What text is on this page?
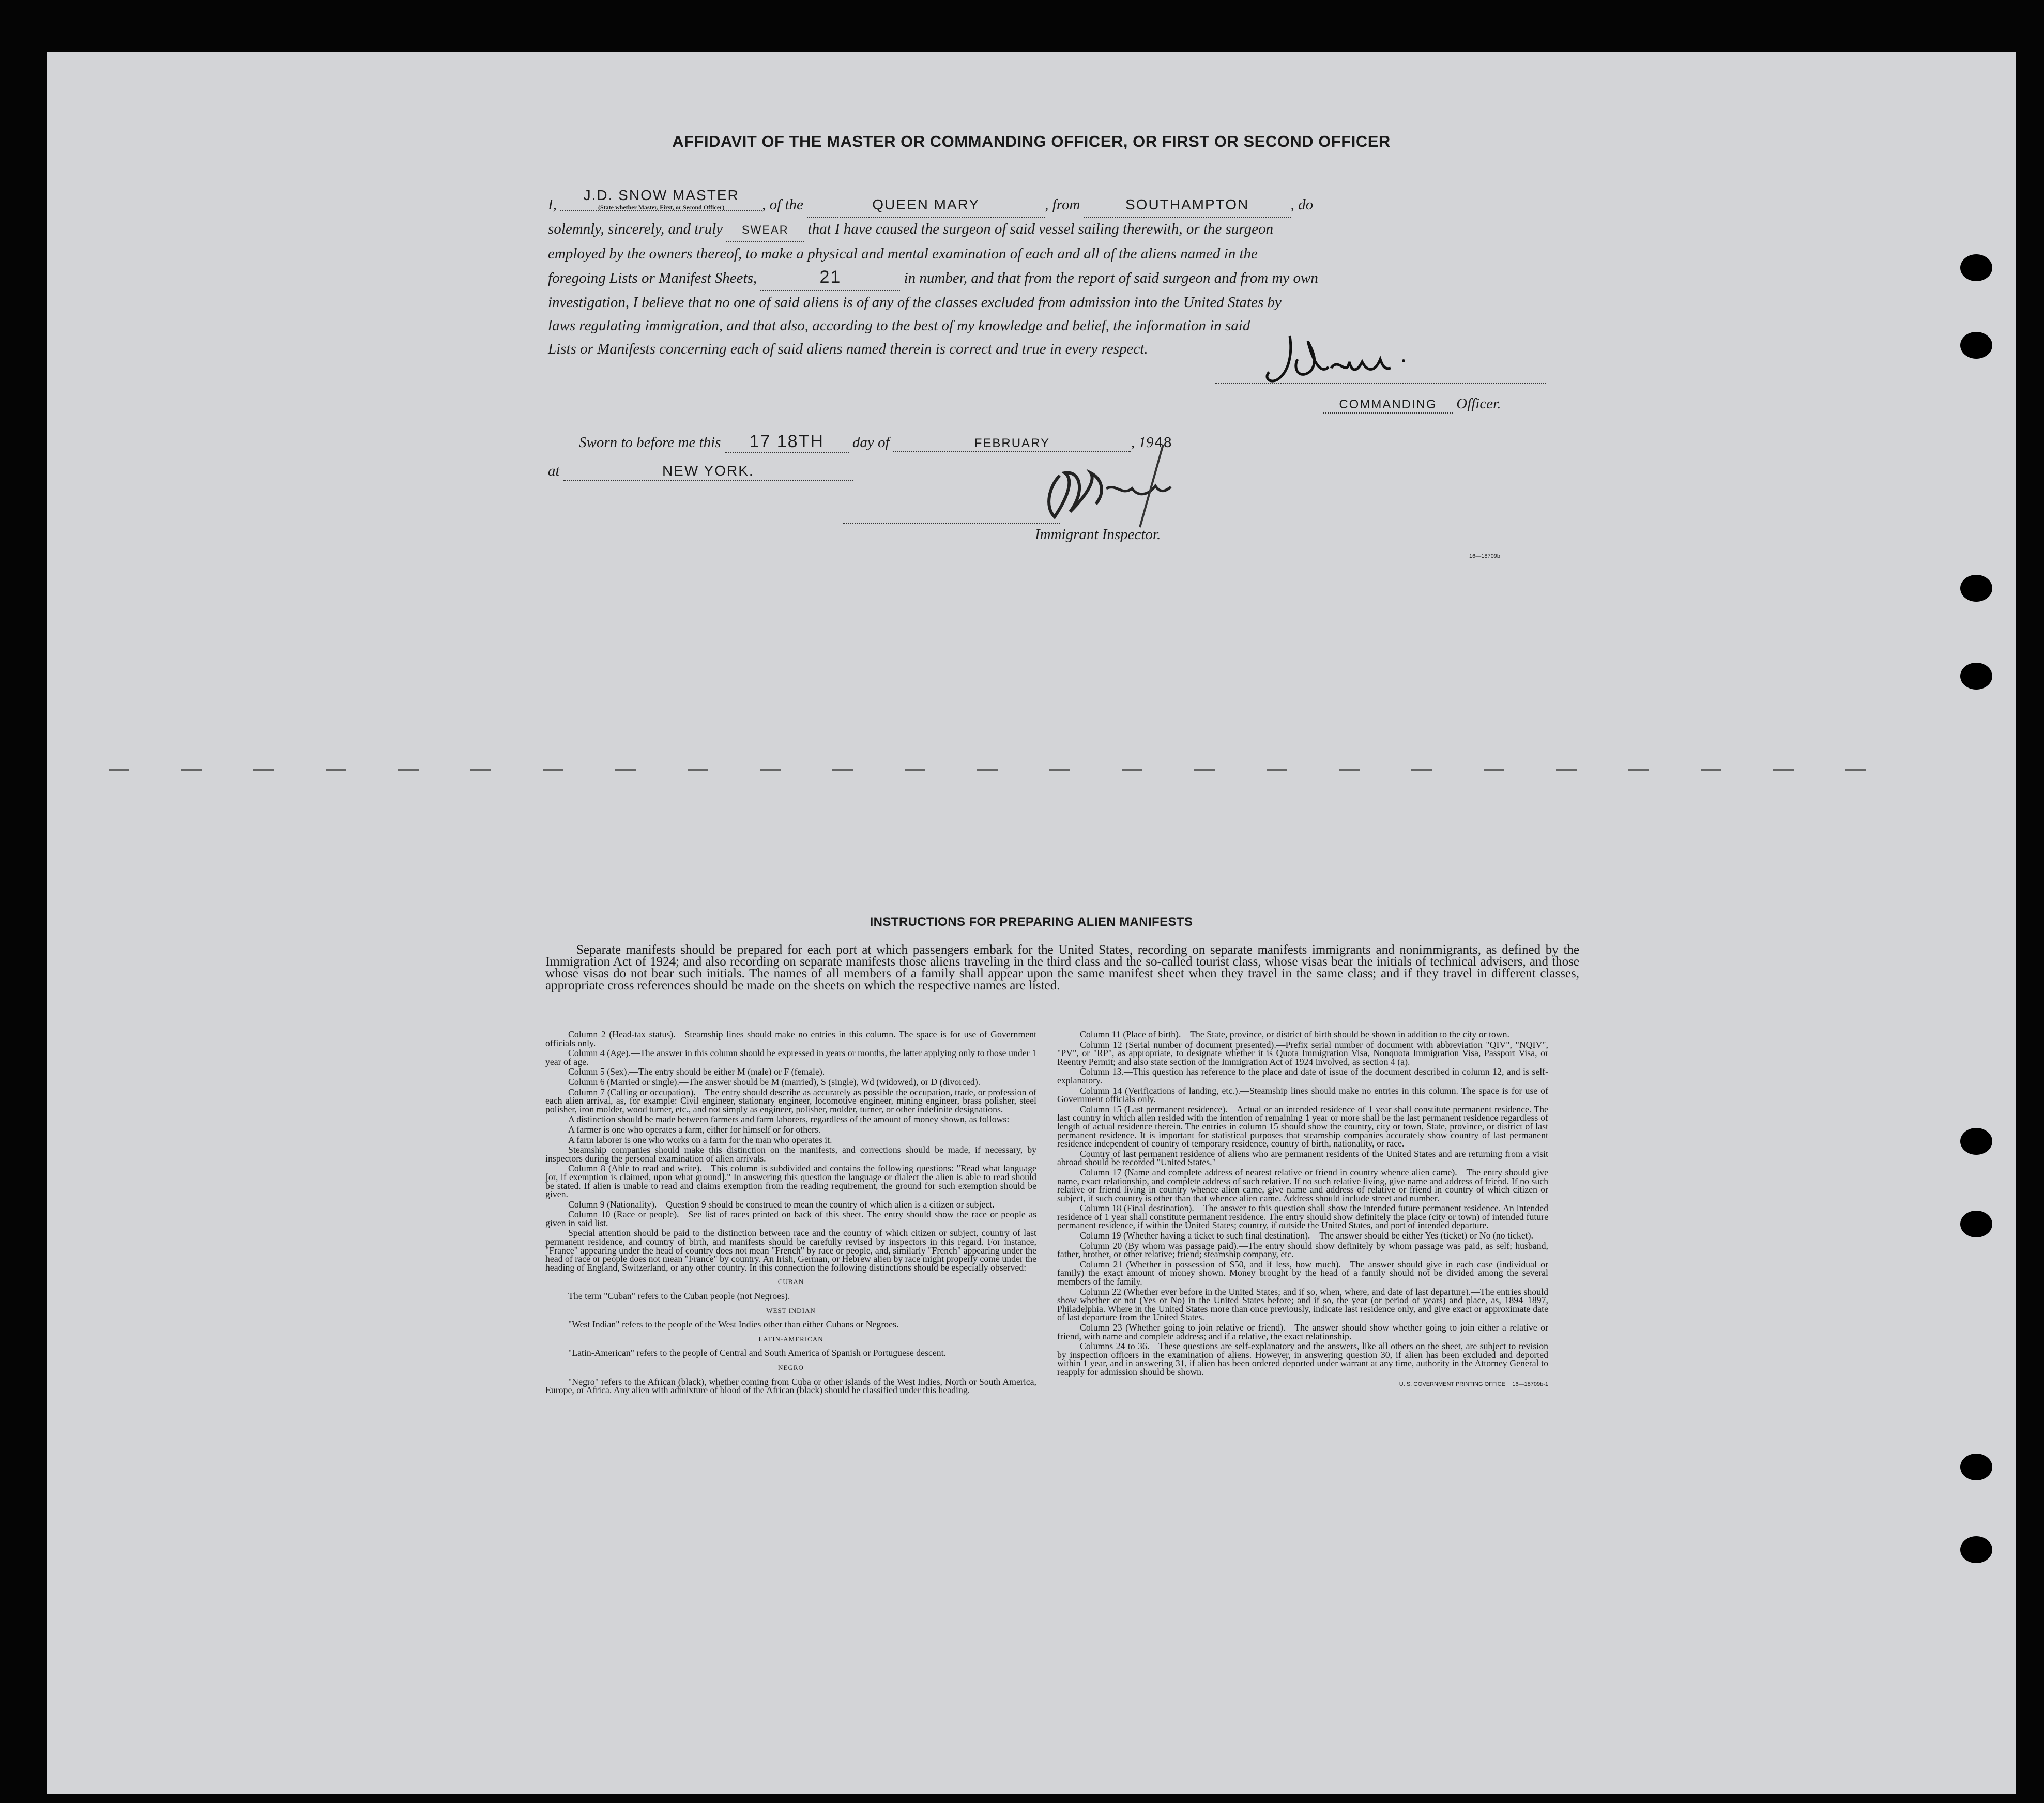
AFFIDAVIT OF THE MASTER OR COMMANDING OFFICER, OR FIRST OR SECOND OFFICER
I, J.D. SNOW MASTER
(State whether Master, First, or Second Officer)	, of the	QUEEN MARY	, from	SOUTHAMPTON	, do
solemnly, sincerely, and truly SWEAR that I have caused the surgeon of said vessel sailing therewith, or the surgeon
employed by the owners thereof, to make a physical and mental examination of each and all of the aliens named in the
foregoing Lists or Manifest Sheets,	21	in number, and that from the report of said surgeon and from my own
investigation, I believe that no one of said aliens is of any of the classes excluded from admission into the United States by
laws regulating immigration, and that also, according to the best of my knowledge and belief, the information in said
Lists or Manifests concerning each of said aliens named therein is correct and true in every respect.
COMMANDING Officer.
Sworn to before me this 17 18TH day of	FEBRUARY	, 1948
at	NEW YORK.
Immigrant Inspector.
16—18709b
INSTRUCTIONS FOR PREPARING ALIEN MANIFESTS
Separate manifests should be prepared for each port at which passengers embark for the United States, recording on separate manifests immigrants and nonimmigrants, as defined by the Immigration Act of 1924; and also recording on separate manifests those aliens traveling in the third class and the so-called tourist class, whose visas bear the initials of technical advisers, and those whose visas do not bear such initials. The names of all members of a family shall appear upon the same manifest sheet when they travel in the same class; and if they travel in different classes, appropriate cross references should be made on the sheets on which the respective names are listed.

Column 2 (Head-tax status).—Steamship lines should make no entries in this column. The space is for use of Government officials only.

Column 4 (Age).—The answer in this column should be expressed in years or months, the latter applying only to those under 1 year of age.

Column 5 (Sex).—The entry should be either M (male) or F (female).

Column 6 (Married or single).—The answer should be M (married), S (single), Wd (widowed), or D (divorced).

Column 7 (Calling or occupation).—The entry should describe as accurately as possible the occupation, trade, or profession of each alien arrival, as, for example: Civil engineer, stationary engineer, locomotive engineer, mining engineer, brass polisher, steel polisher, iron molder, wood turner, etc., and not simply as engineer, polisher, molder, turner, or other indefinite designations.

A distinction should be made between farmers and farm laborers, regardless of the amount of money shown, as follows:

A farmer is one who operates a farm, either for himself or for others.

A farm laborer is one who works on a farm for the man who operates it.

Steamship companies should make this distinction on the manifests, and corrections should be made, if necessary, by inspectors during the personal examination of alien arrivals.

Column 8 (Able to read and write).—This column is subdivided and contains the following questions: "Read what language [or, if exemption is claimed, upon what ground]." In answering this question the language or dialect the alien is able to read should be stated. If alien is unable to read and claims exemption from the reading requirement, the ground for such exemption should be given.

Column 9 (Nationality).—Question 9 should be construed to mean the country of which alien is a citizen or subject.

Column 10 (Race or people).—See list of races printed on back of this sheet. The entry should show the race or people as given in said list.

Special attention should be paid to the distinction between race and the country of which citizen or subject, country of last permanent residence, and country of birth, and manifests should be carefully revised by inspectors in this regard. For instance, "France" appearing under the head of country does not mean "French" by race or people, and, similarly "French" appearing under the head of race or people does not mean "France" by country. An Irish, German, or Hebrew alien by race might properly come under the heading of England, Switzerland, or any other country. In this connection the following distinctions should be especially observed:

CUBAN

The term "Cuban" refers to the Cuban people (not Negroes).

WEST INDIAN

"West Indian" refers to the people of the West Indies other than either Cubans or Negroes.

LATIN-AMERICAN

"Latin-American" refers to the people of Central and South America of Spanish or Portuguese descent.

NEGRO

"Negro" refers to the African (black), whether coming from Cuba or other islands of the West Indies, North or South America, Europe, or Africa. Any alien with admixture of blood of the African (black) should be classified under this heading.

Column 11 (Place of birth).—The State, province, or district of birth should be shown in addition to the city or town.

Column 12 (Serial number of document presented).—Prefix serial number of document with abbreviation "QIV", "NQIV", "PV", or "RP", as appropriate, to designate whether it is Quota Immigration Visa, Nonquota Immigration Visa, Passport Visa, or Reentry Permit; and also state section of the Immigration Act of 1924 involved, as section 4 (a).

Column 13.—This question has reference to the place and date of issue of the document described in column 12, and is self-explanatory.

Column 14 (Verifications of landing, etc.).—Steamship lines should make no entries in this column. The space is for use of Government officials only.

Column 15 (Last permanent residence).—Actual or an intended residence of 1 year shall constitute permanent residence. The last country in which alien resided with the intention of remaining 1 year or more shall be the last permanent residence regardless of length of actual residence therein. The entries in column 15 should show the country, city or town, State, province, or district of last permanent residence. It is important for statistical purposes that steamship companies accurately show country of last permanent residence independent of country of temporary residence, country of birth, nationality, or race.

Country of last permanent residence of aliens who are permanent residents of the United States and are returning from a visit abroad should be recorded "United States."

Column 17 (Name and complete address of nearest relative or friend in country whence alien came).—The entry should give name, exact relationship, and complete address of such relative. If no such relative living, give name and address of friend. If no such relative or friend living in country whence alien came, give name and address of relative or friend in country of which citizen or subject, if such country is other than that whence alien came. Address should include street and number.

Column 18 (Final destination).—The answer to this question shall show the intended future permanent residence. An intended residence of 1 year shall constitute permanent residence. The entry should show definitely the place (city or town) of intended future permanent residence, if within the United States; country, if outside the United States, and port of intended departure.

Column 19 (Whether having a ticket to such final destination).—The answer should be either Yes (ticket) or No (no ticket).

Column 20 (By whom was passage paid).—The entry should show definitely by whom passage was paid, as self; husband, father, brother, or other relative; friend; steamship company, etc.

Column 21 (Whether in possession of $50, and if less, how much).—The answer should give in each case (individual or family) the exact amount of money shown. Money brought by the head of a family should not be divided among the several members of the family.

Column 22 (Whether ever before in the United States; and if so, when, where, and date of last departure).—The entries should show whether or not (Yes or No) in the United States before; and if so, the year (or period of years) and place, as, 1894–1897, Philadelphia. Where in the United States more than once previously, indicate last residence only, and give exact or approximate date of last departure from the United States.

Column 23 (Whether going to join relative or friend).—The answer should show whether going to join either a relative or friend, with name and complete address; and if a relative, the exact relationship.

Columns 24 to 36.—These questions are self-explanatory and the answers, like all others on the sheet, are subject to revision by inspection officers in the examination of aliens. However, in answering question 30, if alien has been excluded and deported within 1 year, and in answering 31, if alien has been ordered deported under warrant at any time, authority in the Attorney General to reapply for admission should be shown.

U. S. GOVERNMENT PRINTING OFFICE 16—18709b-1
